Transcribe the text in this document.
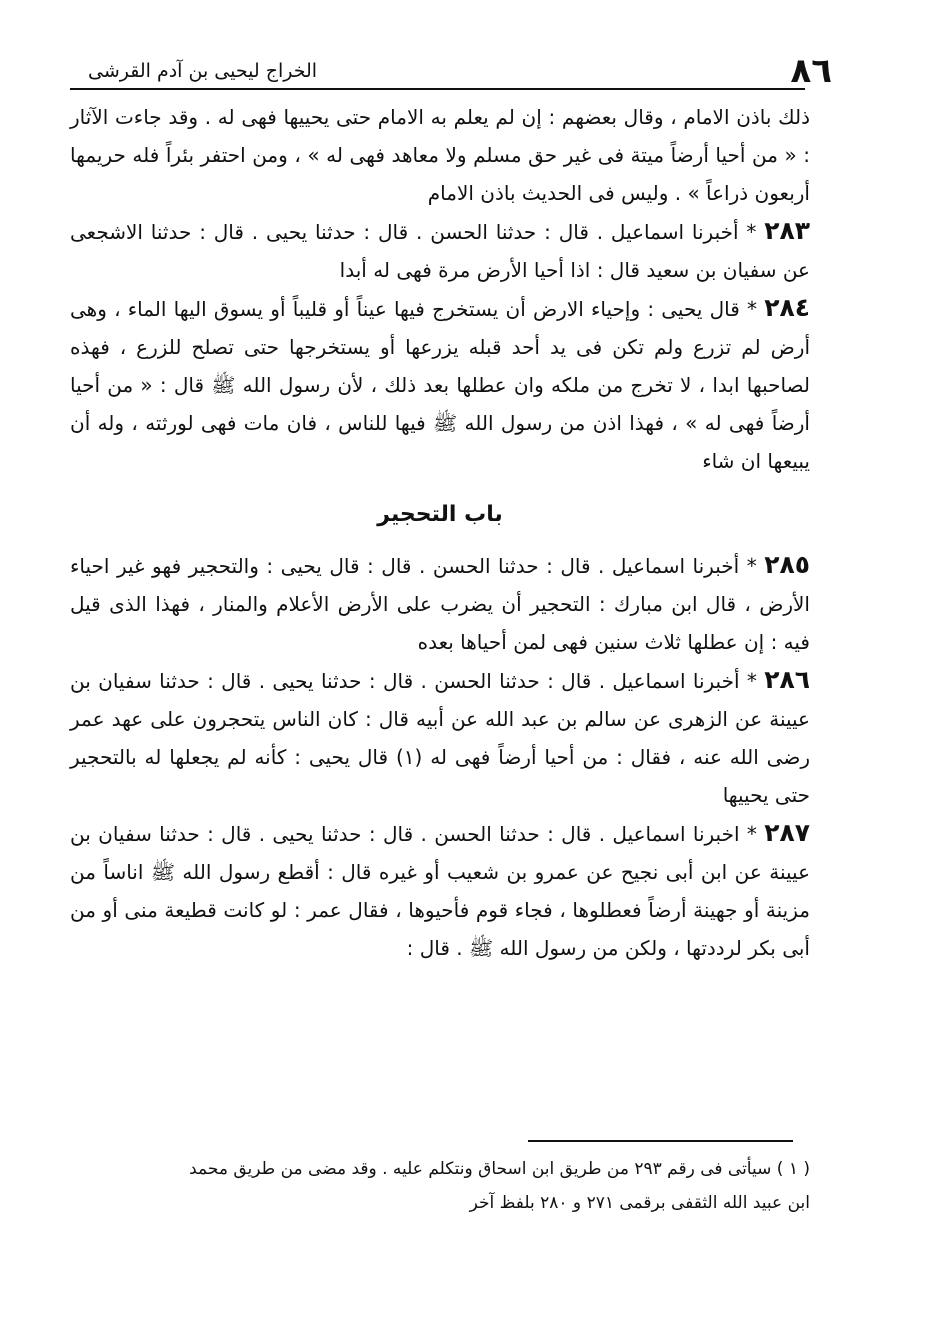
٨٦
الخراج ليحيى بن آدم القرشى

ذلك باذن الامام ، وقال بعضهم : إن لم يعلم به الامام حتى يحييها فهى له . وقد جاءت الآثار : « من أحيا أرضاً ميتة فى غير حق مسلم ولا معاهد فهى له » ، ومن احتفر بئراً فله حريمها أربعون ذراعاً » . وليس فى الحديث باذن الامام

٢٨٣ * أخبرنا اسماعيل . قال : حدثنا الحسن . قال : حدثنا يحيى . قال : حدثنا الاشجعى عن سفيان بن سعيد قال : اذا أحيا الأرض مرة فهى له أبدا

٢٨٤ * قال يحيى : وإحياء الارض أن يستخرج فيها عيناً أو قليباً أو يسوق اليها الماء ، وهى أرض لم تزرع ولم تكن فى يد أحد قبله يزرعها أو يستخرجها حتى تصلح للزرع ، فهذه لصاحبها ابدا ، لا تخرج من ملكه وان عطلها بعد ذلك ، لأن رسول الله ﷺ قال : « من أحيا أرضاً فهى له » ، فهذا اذن من رسول الله ﷺ فيها للناس ، فان مات فهى لورثته ، وله أن يبيعها ان شاء

باب التحجير

٢٨٥ * أخبرنا اسماعيل . قال : حدثنا الحسن . قال : قال يحيى : والتحجير فهو غير احياء الأرض ، قال ابن مبارك : التحجير أن يضرب على الأرض الأعلام والمنار ، فهذا الذى قيل فيه : إن عطلها ثلاث سنين فهى لمن أحياها بعده

٢٨٦ * أخبرنا اسماعيل . قال : حدثنا الحسن . قال : حدثنا يحيى . قال : حدثنا سفيان بن عيينة عن الزهرى عن سالم بن عبد الله عن أبيه قال : كان الناس يتحجرون على عهد عمر رضى الله عنه ، فقال : من أحيا أرضاً فهى له (١) قال يحيى : كأنه لم يجعلها له بالتحجير حتى يحييها

٢٨٧ * اخبرنا اسماعيل . قال : حدثنا الحسن . قال : حدثنا يحيى . قال : حدثنا سفيان بن عيينة عن ابن أبى نجيح عن عمرو بن شعيب أو غيره قال : أقطع رسول الله ﷺ اناساً من مزينة أو جهينة أرضاً فعطلوها ، فجاء قوم فأحيوها ، فقال عمر : لو كانت قطيعة منى أو من أبى بكر لرددتها ، ولكن من رسول الله ﷺ . قال :

( ١ ) سيأتى فى رقم ٢٩٣ من طريق ابن اسحاق ونتكلم عليه . وقد مضى من طريق محمد

ابن عبيد الله الثقفى برقمى ٢٧١ و ٢٨٠ بلفظ آخر
